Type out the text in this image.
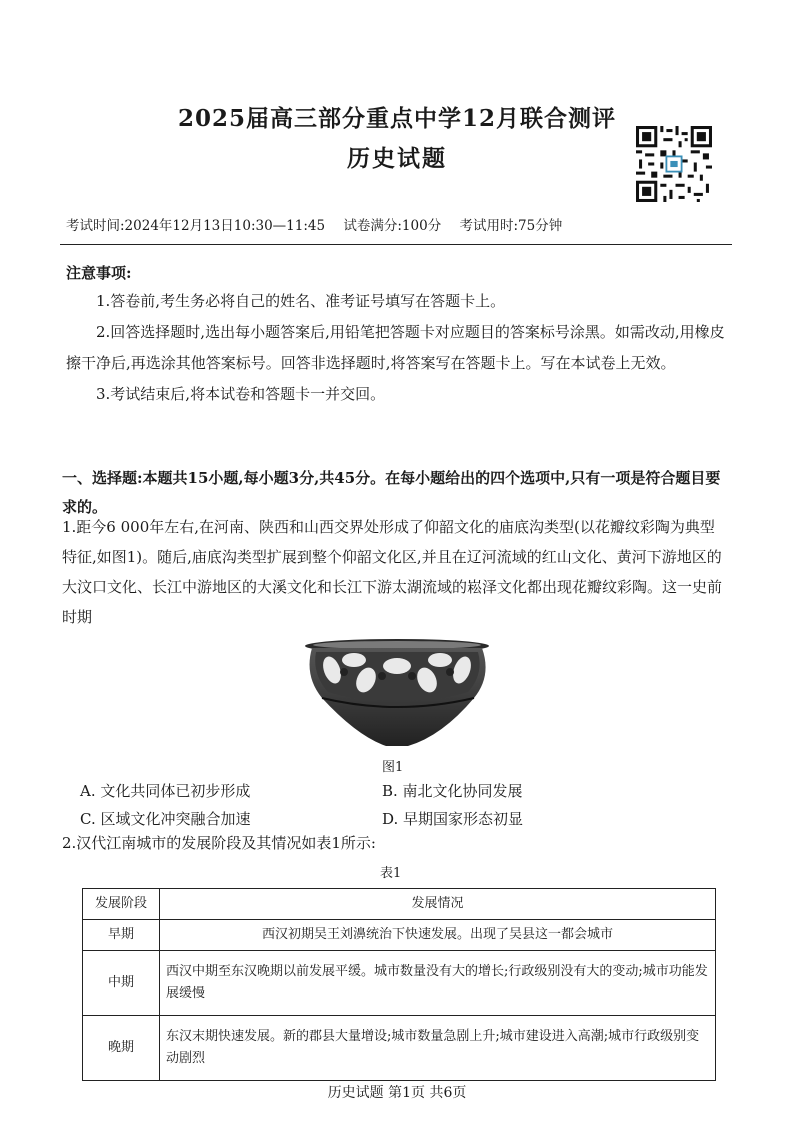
2025届高三部分重点中学12月联合测评
历史试题
考试时间:2024年12月13日10:30—11:45 试卷满分:100分 考试用时:75分钟
注意事项:
1.答卷前,考生务必将自己的姓名、准考证号填写在答题卡上。
2.回答选择题时,选出每小题答案后,用铅笔把答题卡对应题目的答案标号涂黑。如需改动,用橡皮擦干净后,再选涂其他答案标号。回答非选择题时,将答案写在答题卡上。写在本试卷上无效。
3.考试结束后,将本试卷和答题卡一并交回。
一、选择题:本题共15小题,每小题3分,共45分。在每小题给出的四个选项中,只有一项是符合题目要求的。
1.距今6 000年左右,在河南、陕西和山西交界处形成了仰韶文化的庙底沟类型(以花瓣纹彩陶为典型特征,如图1)。随后,庙底沟类型扩展到整个仰韶文化区,并且在辽河流域的红山文化、黄河下游地区的大汶口文化、长江中游地区的大溪文化和长江下游太湖流域的崧泽文化都出现花瓣纹彩陶。这一史前时期
图1
A. 文化共同体已初步形成	B. 南北文化协同发展
C. 区域文化冲突融合加速	D. 早期国家形态初显
2.汉代江南城市的发展阶段及其情况如表1所示:
表1
发展阶段	发展情况
早期	西汉初期吴王刘濞统治下快速发展。出现了吴县这一都会城市
中期	西汉中期至东汉晚期以前发展平缓。城市数量没有大的增长;行政级别没有大的变动;城市功能发展缓慢
晚期	东汉末期快速发展。新的郡县大量增设;城市数量急剧上升;城市建设进入高潮;城市行政级别变动剧烈
历史试题 第1页 共6页
